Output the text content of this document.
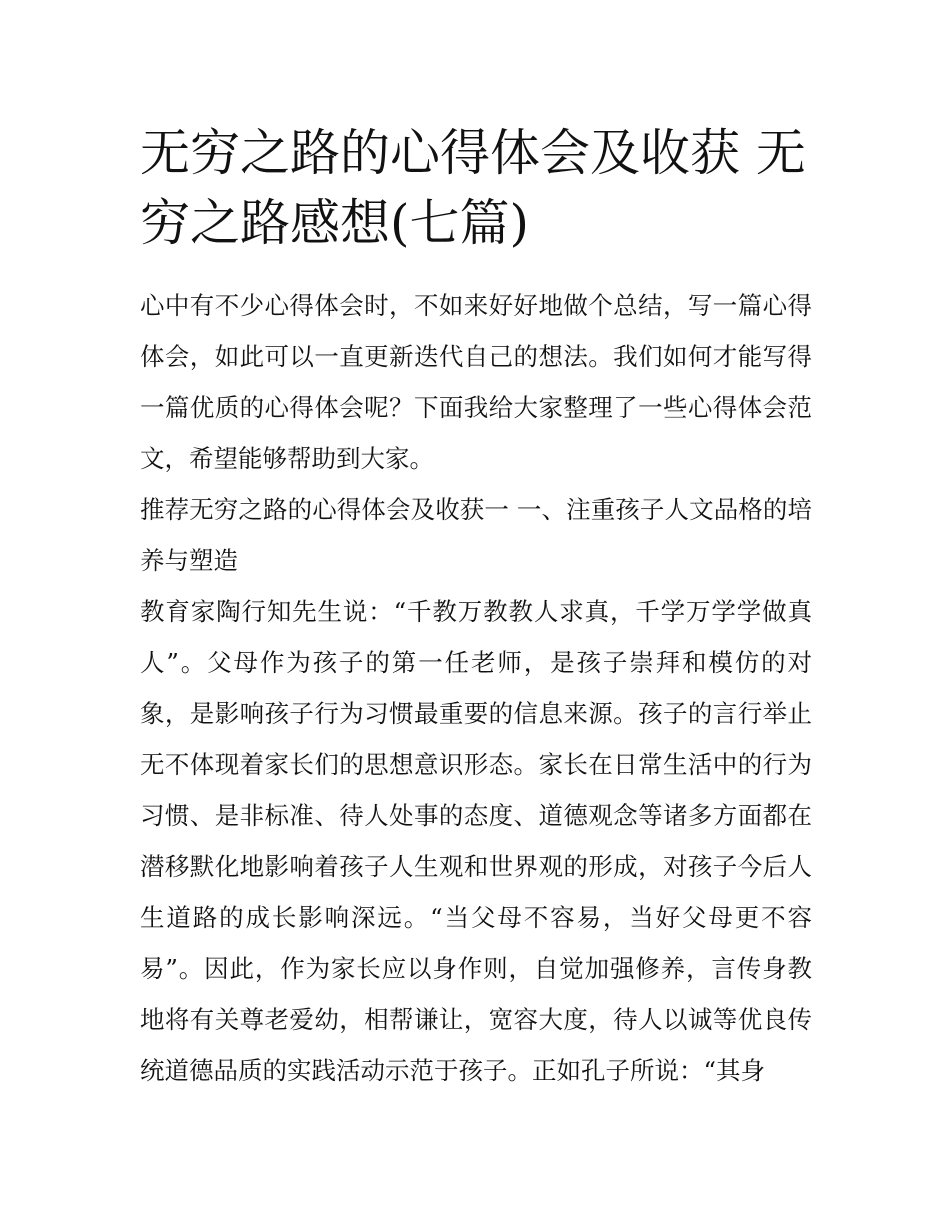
无穷之路的心得体会及收获 无穷之路感想(七篇)

心中有不少心得体会时，不如来好好地做个总结，写一篇心得体会，如此可以一直更新迭代自己的想法。我们如何才能写得一篇优质的心得体会呢？下面我给大家整理了一些心得体会范文，希望能够帮助到大家。

推荐无穷之路的心得体会及收获一 一、注重孩子人文品格的培养与塑造

教育家陶行知先生说：“千教万教教人求真，千学万学学做真人”。父母作为孩子的第一任老师，是孩子崇拜和模仿的对象，是影响孩子行为习惯最重要的信息来源。孩子的言行举止无不体现着家长们的思想意识形态。家长在日常生活中的行为习惯、是非标准、待人处事的态度、道德观念等诸多方面都在潜移默化地影响着孩子人生观和世界观的形成，对孩子今后人生道路的成长影响深远。“当父母不容易，当好父母更不容易”。因此，作为家长应以身作则，自觉加强修养，言传身教地将有关尊老爱幼，相帮谦让，宽容大度，待人以诚等优良传统道德品质的实践活动示范于孩子。正如孔子所说：“其身
